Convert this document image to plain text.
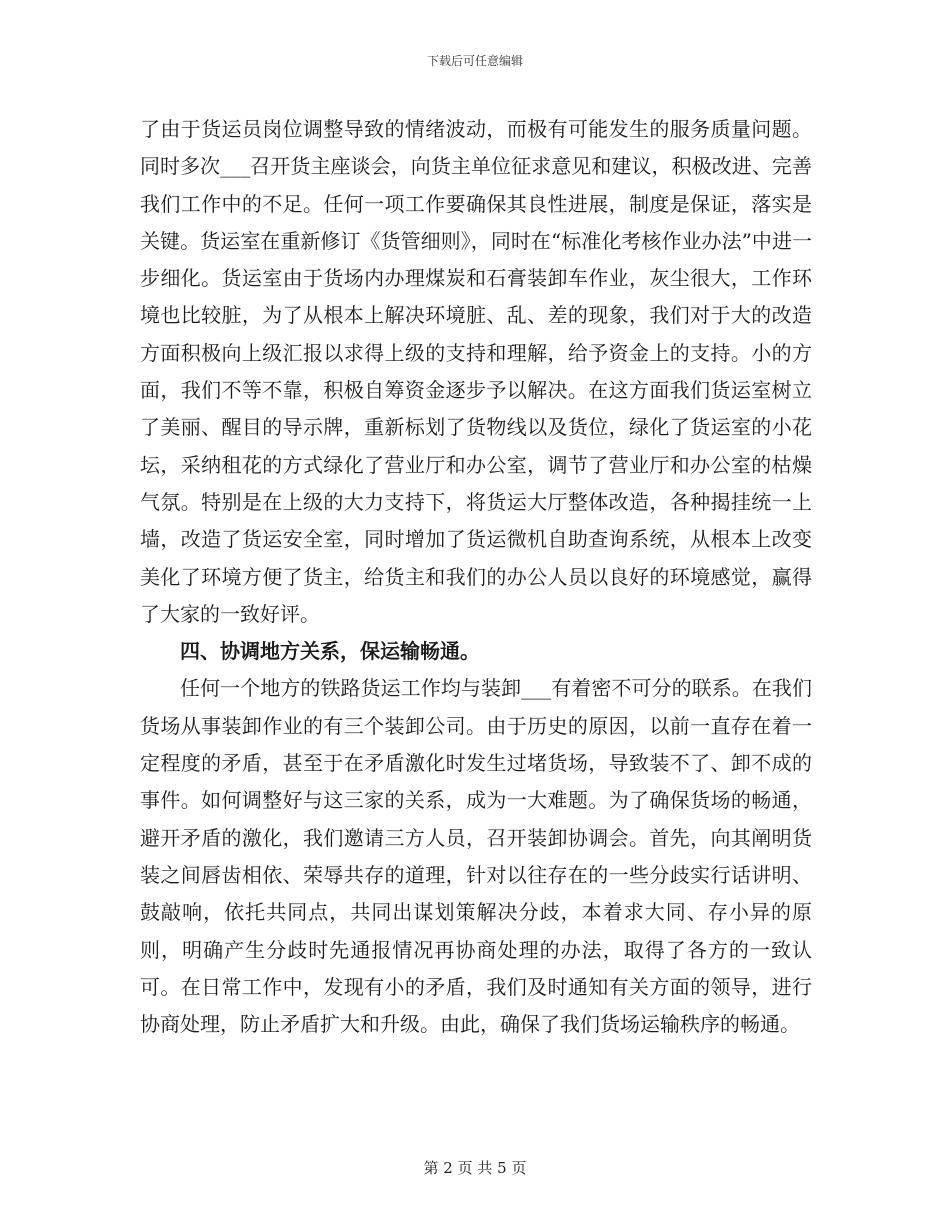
下载后可任意编辑

了由于货运员岗位调整导致的情绪波动，而极有可能发生的服务质量问题。同时多次___召开货主座谈会，向货主单位征求意见和建议，积极改进、完善我们工作中的不足。任何一项工作要确保其良性进展，制度是保证，落实是关键。货运室在重新修订《货管细则》，同时在“标准化考核作业办法”中进一步细化。货运室由于货场内办理煤炭和石膏装卸车作业，灰尘很大，工作环境也比较脏，为了从根本上解决环境脏、乱、差的现象，我们对于大的改造方面积极向上级汇报以求得上级的支持和理解，给予资金上的支持。小的方面，我们不等不靠，积极自筹资金逐步予以解决。在这方面我们货运室树立了美丽、醒目的导示牌，重新标划了货物线以及货位，绿化了货运室的小花坛，采纳租花的方式绿化了营业厅和办公室，调节了营业厅和办公室的枯燥气氛。特别是在上级的大力支持下，将货运大厅整体改造，各种揭挂统一上墙，改造了货运安全室，同时增加了货运微机自助查询系统，从根本上改变美化了环境方便了货主，给货主和我们的办公人员以良好的环境感觉，赢得了大家的一致好评。

四、协调地方关系，保运输畅通。

任何一个地方的铁路货运工作均与装卸___有着密不可分的联系。在我们货场从事装卸作业的有三个装卸公司。由于历史的原因，以前一直存在着一定程度的矛盾，甚至于在矛盾激化时发生过堵货场，导致装不了、卸不成的事件。如何调整好与这三家的关系，成为一大难题。为了确保货场的畅通，避开矛盾的激化，我们邀请三方人员，召开装卸协调会。首先，向其阐明货装之间唇齿相依、荣辱共存的道理，针对以往存在的一些分歧实行话讲明、鼓敲响，依托共同点，共同出谋划策解决分歧，本着求大同、存小异的原则，明确产生分歧时先通报情况再协商处理的办法，取得了各方的一致认可。在日常工作中，发现有小的矛盾，我们及时通知有关方面的领导，进行协商处理，防止矛盾扩大和升级。由此，确保了我们货场运输秩序的畅通。

第 2 页 共 5 页
